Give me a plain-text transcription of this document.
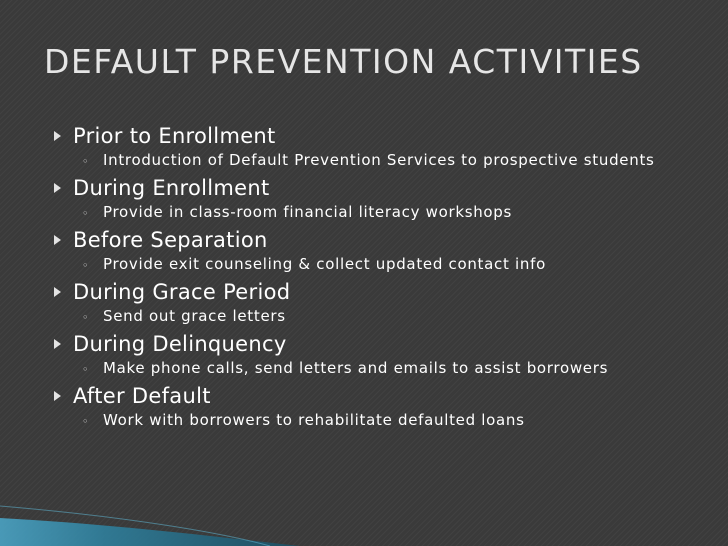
DEFAULT PREVENTION ACTIVITIES
Prior to Enrollment
◦ Introduction of Default Prevention Services to prospective students
During Enrollment
◦ Provide in class-room financial literacy workshops
Before Separation
◦ Provide exit counseling & collect updated contact info
During Grace Period
◦ Send out grace letters
During Delinquency
◦ Make phone calls, send letters and emails to assist borrowers
After Default
◦ Work with borrowers to rehabilitate defaulted loans
